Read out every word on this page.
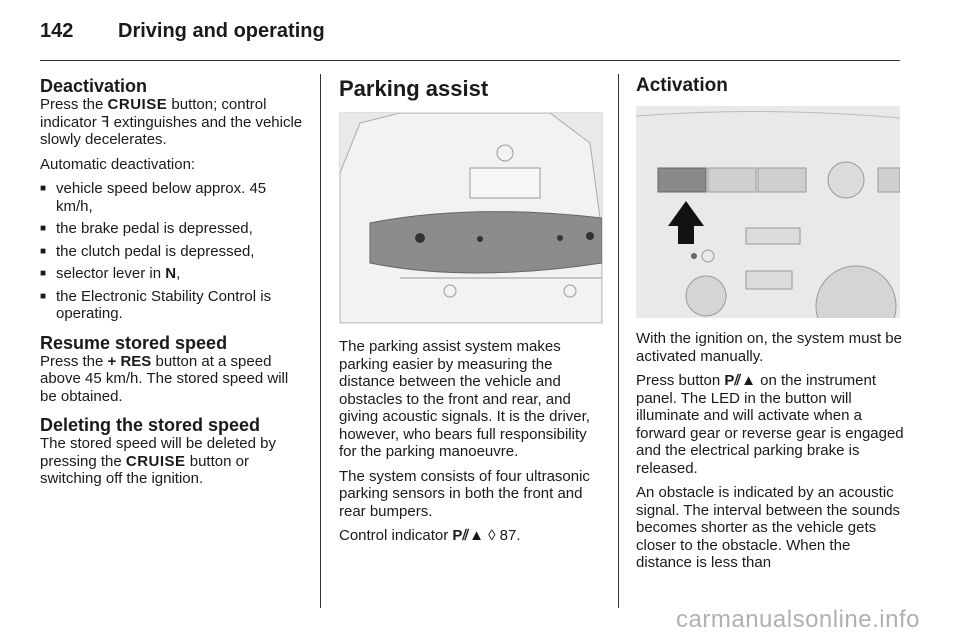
142 Driving and operating
Deactivation

Press the CRUISE button; control indicator ꟻ extinguishes and the vehicle slowly decelerates.

Automatic deactivation:

■ vehicle speed below approx. 45 km/h,
■ the brake pedal is depressed,
■ the clutch pedal is depressed,
■ selector lever in N,
■ the Electronic Stability Control is operating.
Resume stored speed

Press the + RES button at a speed above 45 km/h. The stored speed will be obtained.

Deleting the stored speed

The stored speed will be deleted by pressing the CRUISE button or switching off the ignition.

Parking assist

The parking assist system makes parking easier by measuring the distance between the vehicle and obstacles to the front and rear, and giving acoustic signals. It is the driver, however, who bears full responsibility for the parking manoeuvre.

The system consists of four ultrasonic parking sensors in both the front and rear bumpers.

Control indicator P⫽▲ ◊ 87.

Activation

With the ignition on, the system must be activated manually.

Press button P⫽▲ on the instrument panel. The LED in the button will illuminate and will activate when a forward gear or reverse gear is engaged and the electrical parking brake is released.

An obstacle is indicated by an acoustic signal. The interval between the sounds becomes shorter as the vehicle gets closer to the obstacle. When the distance is less than

carmanualsonline.info
